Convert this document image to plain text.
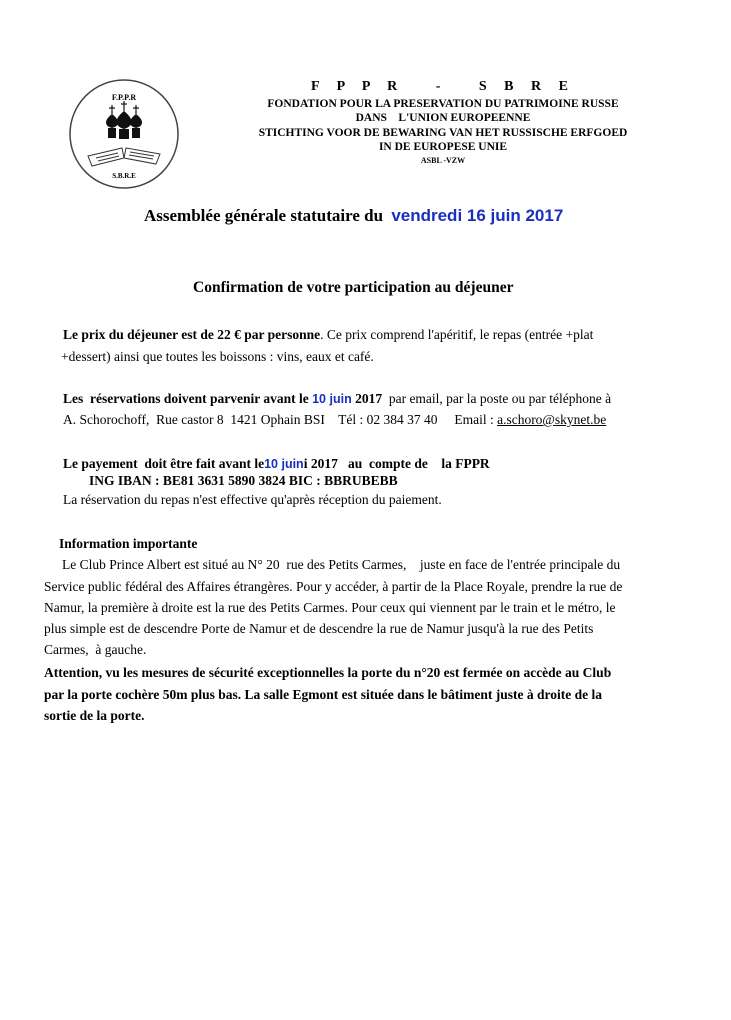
F.P.P.R
S.B.R.E
F P P R   -   S B R E
FONDATION POUR LA PRESERVATION DU PATRIMOINE RUSSE
DANS    L'UNION EUROPEENNE
STICHTING VOOR DE BEWARING VAN HET RUSSISCHE ERFGOED
IN DE EUROPESE UNIE
ASBL -VZW
Assemblée générale statutaire du vendredi 16 juin 2017
Confirmation de votre participation au déjeuner
Le prix du déjeuner est de 22 € par personne. Ce prix comprend l'apéritif, le repas (entrée +plat
+dessert) ainsi que toutes les boissons : vins, eaux et café.
Les  réservations doivent parvenir avant le 10 juin 2017  par email, par la poste ou par téléphone à
A. Schorochoff,  Rue castor 8  1421 Ophain BSI    Tél : 02 384 37 40     Email : a.schoro@skynet.be
Le payement  doit être fait avant le10 juini 2017   au  compte de    la FPPR
ING IBAN : BE81 3631 5890 3824 BIC : BBRUBEBB
La réservation du repas n'est effective qu'après réception du paiement.
Information importante
Le Club Prince Albert est situé au N° 20  rue des Petits Carmes,    juste en face de l'entrée principale du
Service public fédéral des Affaires étrangères. Pour y accéder, à partir de la Place Royale, prendre la rue de
Namur, la première à droite est la rue des Petits Carmes. Pour ceux qui viennent par le train et le métro, le
plus simple est de descendre Porte de Namur et de descendre la rue de Namur jusqu'à la rue des Petits
Carmes,  à gauche.
Attention, vu les mesures de sécurité exceptionnelles la porte du n°20 est fermée on accède au Club
par la porte cochère 50m plus bas. La salle Egmont est située dans le bâtiment juste à droite de la
sortie de la porte.
